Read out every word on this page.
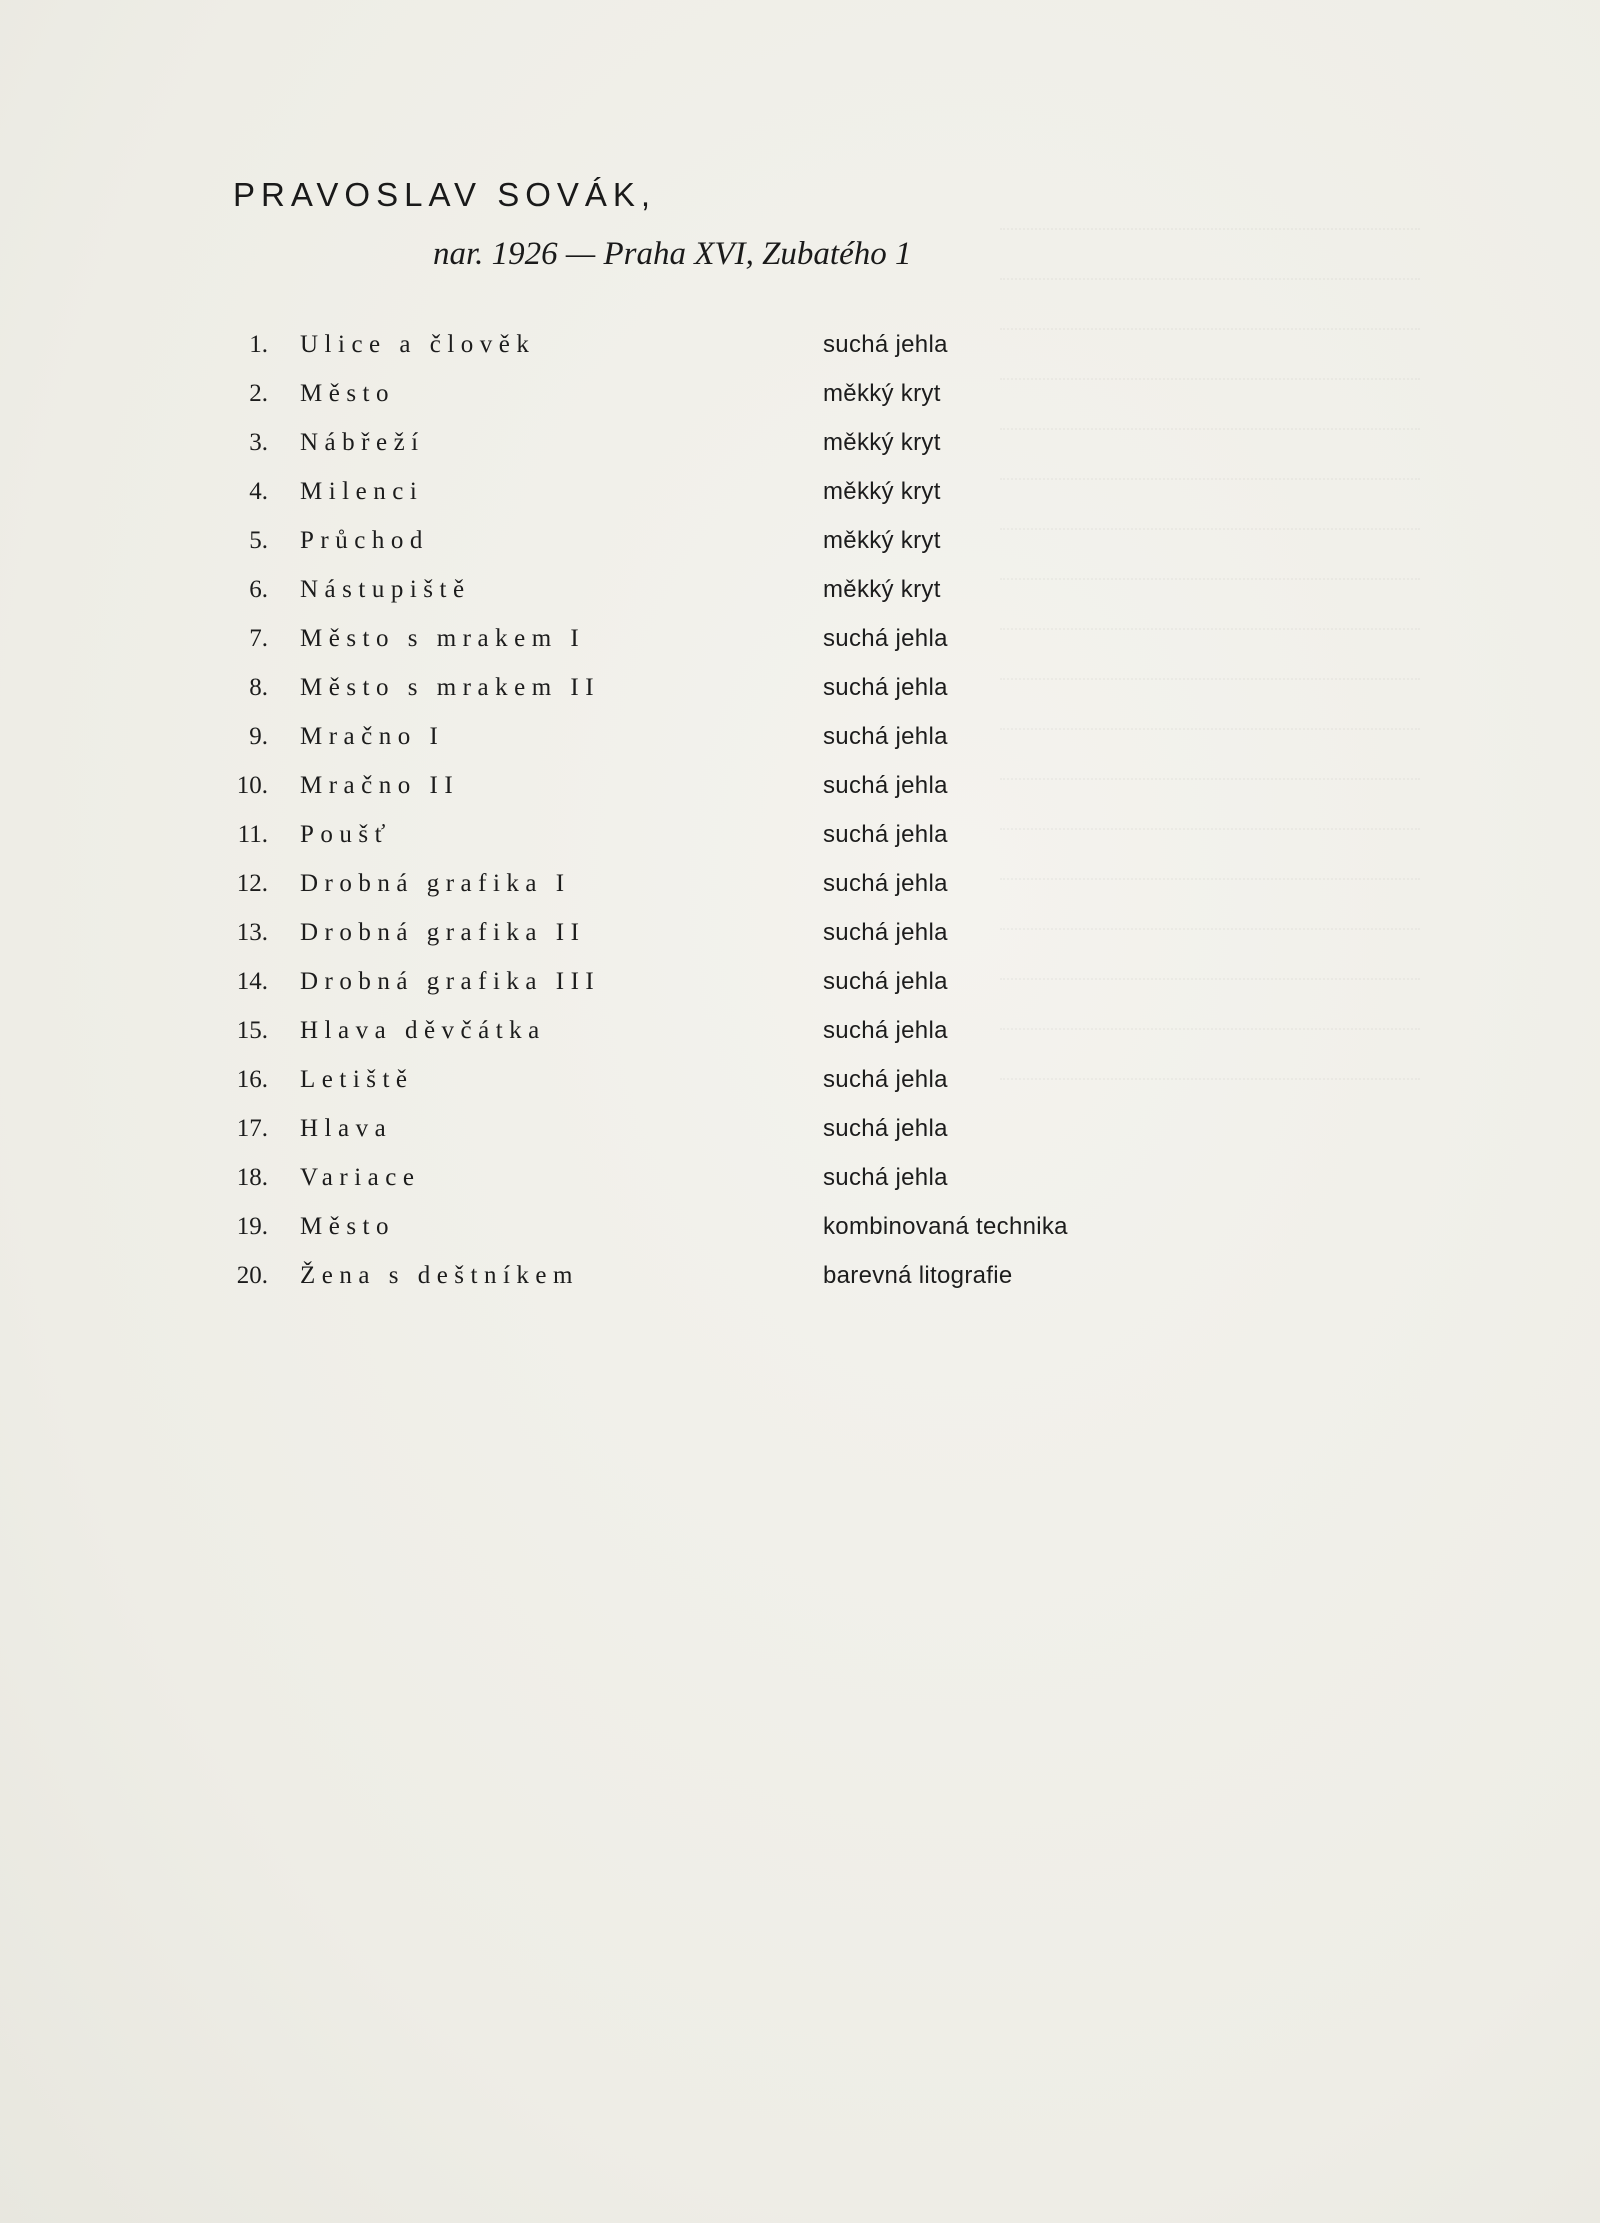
PRAVOSLAV SOVÁK,
nar. 1926 — Praha XVI, Zubatého 1
1. Ulice a člověk	suchá jehla
2. Město	měkký kryt
3. Nábřeží	měkký kryt
4. Milenci	měkký kryt
5. Průchod	měkký kryt
6. Nástupiště	měkký kryt
7. Město s mrakem I	suchá jehla
8. Město s mrakem II	suchá jehla
9. Mračno I	suchá jehla
10. Mračno II	suchá jehla
11. Poušť	suchá jehla
12. Drobná grafika I	suchá jehla
13. Drobná grafika II	suchá jehla
14. Drobná grafika III	suchá jehla
15. Hlava děvčátka	suchá jehla
16. Letiště	suchá jehla
17. Hlava	suchá jehla
18. Variace	suchá jehla
19. Město	kombinovaná technika
20. Žena s deštníkem	barevná litografie
